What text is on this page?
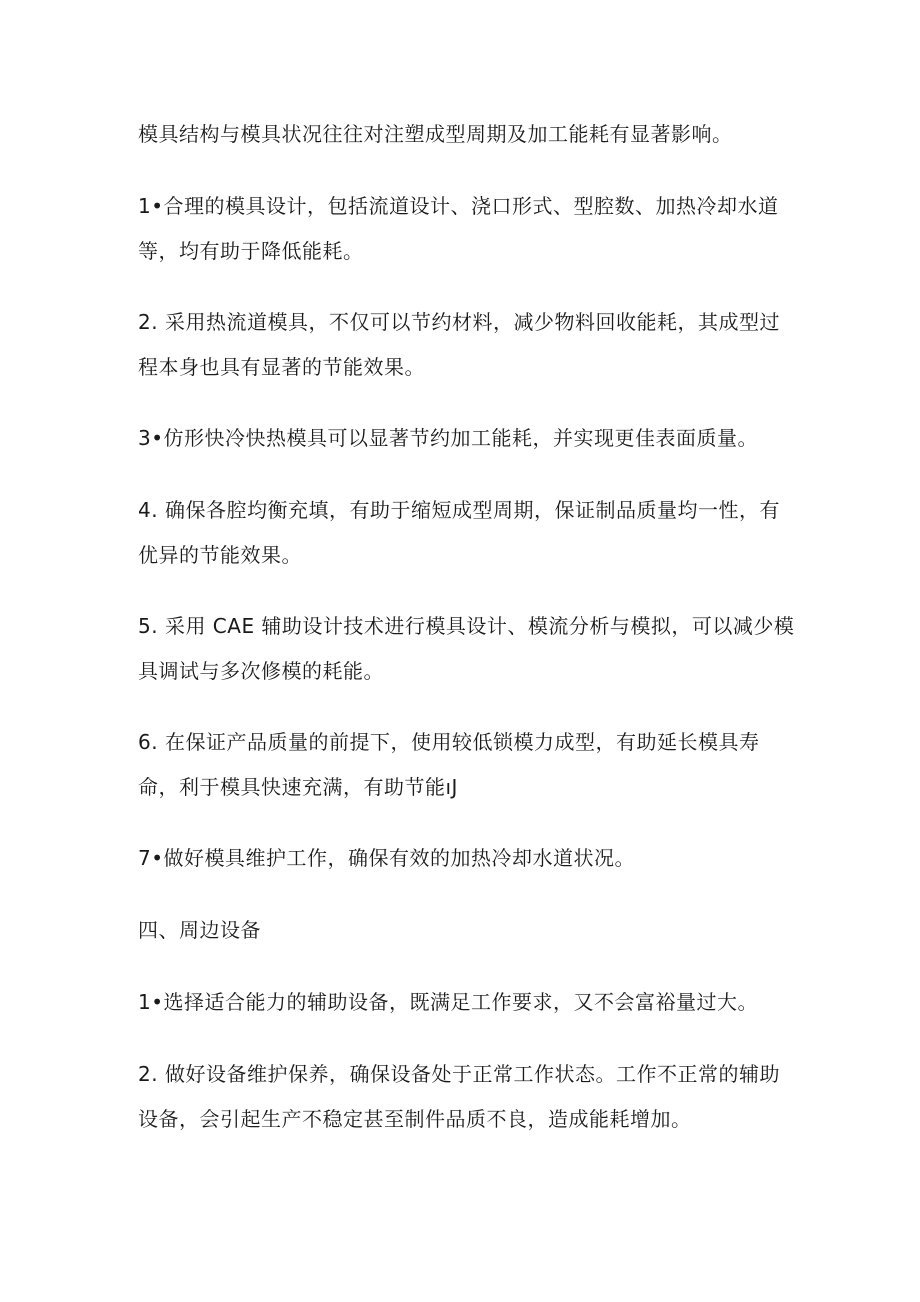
模具结构与模具状况往往对注塑成型周期及加工能耗有显著影响。

1•合理的模具设计，包括流道设计、浇口形式、型腔数、加热冷却水道等，均有助于降低能耗。

2. 采用热流道模具，不仅可以节约材料，减少物料回收能耗，其成型过程本身也具有显著的节能效果。

3•仿形快冷快热模具可以显著节约加工能耗，并实现更佳表面质量。

4. 确保各腔均衡充填，有助于缩短成型周期，保证制品质量均一性，有优异的节能效果。

5. 采用 CAE 辅助设计技术进行模具设计、模流分析与模拟，可以减少模具调试与多次修模的耗能。

6. 在保证产品质量的前提下，使用较低锁模力成型，有助延长模具寿命，利于模具快速充满，有助节能ıJ

7•做好模具维护工作，确保有效的加热冷却水道状况。

四、周边设备

1•选择适合能力的辅助设备，既满足工作要求，又不会富裕量过大。

2. 做好设备维护保养，确保设备处于正常工作状态。工作不正常的辅助设备，会引起生产不稳定甚至制件品质不良，造成能耗增加。
